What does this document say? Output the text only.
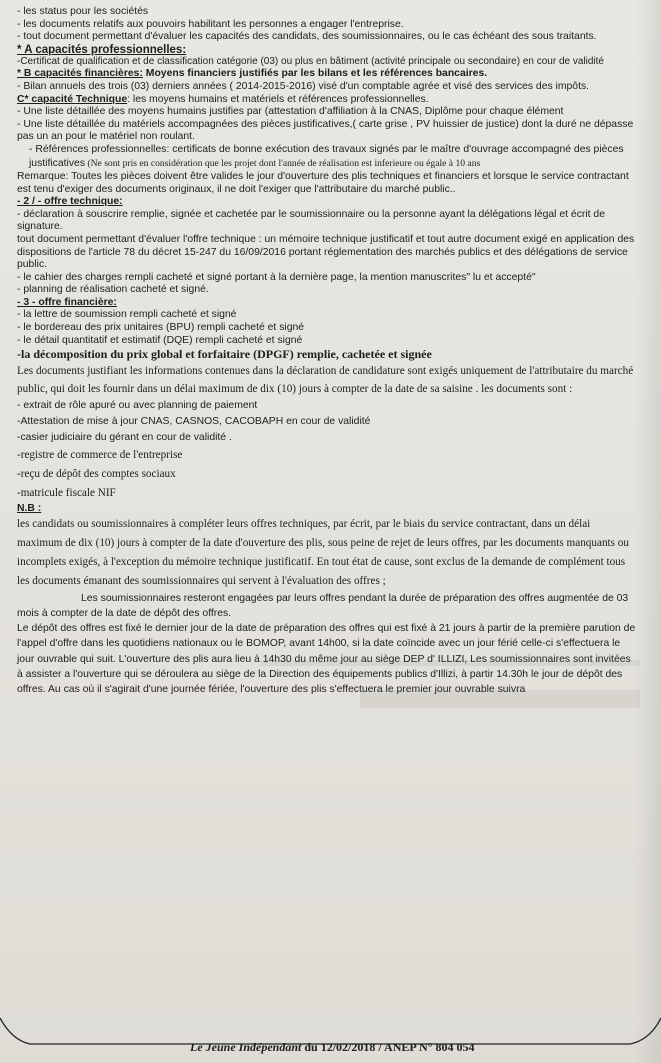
- les status pour les sociétés

- les documents relatifs aux pouvoirs habilitant les personnes a engager l'entreprise.

- tout document permettant d'évaluer les capacités des candidats, des soumissionnaires, ou le cas échéant des sous traitants.

* A capacités professionnelles:

-Certificat de qualification et de classification catégorie (03) ou plus en bâtiment (activité principale ou secondaire) en cour de validité

* B capacités financières: Moyens financiers justifiés par les bilans et les références bancaires.

- Bilan annuels des trois (03) derniers années ( 2014-2015-2016) visé d'un comptable agrée et visé des services des impôts.

C* capacité Technique: les moyens humains et matériels et références professionnelles.

- Une liste détaillée des moyens humains justifies par (attestation d'affiliation à la CNAS, Diplôme pour chaque élément

- Une liste détaillée du matériels accompagnées des pièces justificatives,( carte grise , PV huissier de justice) dont la duré ne dépasse pas un an pour le matériel non roulant.

- Références professionnelles: certificats de bonne exécution des travaux signés par le maître d'ouvrage accompagné des pièces justificatives (Ne sont pris en considération que les projet dont l'année de réalisation est inferieure ou égale à 10 ans

Remarque: Toutes les pièces doivent être valides le jour d'ouverture des plis techniques et financiers et lorsque le service contractant est tenu d'exiger des documents originaux, il ne doit l'exiger que l'attributaire du marché public..

- 2 / - offre technique:

- déclaration à souscrire remplie, signée et cachetée par le soumissionnaire ou la personne ayant la délégations légal et écrit de signature.

tout document permettant d'évaluer l'offre technique : un mémoire technique justificatif et tout autre document exigé en application des dispositions de l'article 78 du décret 15-247 du 16/09/2016 portant réglementation des marchés publics et des délégations de service public.

- le cahier des charges rempli cacheté et signé portant à la dernière page, la mention manuscrites" lu et accepté"

- planning de réalisation cacheté et signé.

- 3 - offre financière:

- la lettre de soumission rempli cacheté et signé

- le bordereau des prix unitaires (BPU) rempli cacheté et signé

- le détail quantitatif et estimatif (DQE) rempli cacheté et signé

-la décomposition du prix global et forfaitaire (DPGF) remplie, cachetée et signée

Les documents justifiant les informations contenues dans la déclaration de candidature sont exigés uniquement de l'attributaire du marché public, qui doit les fournir dans un délai maximum de dix (10) jours à compter de la date de sa saisine . les documents sont :

- extrait de rôle apuré ou avec planning de paiement

-Attestation de mise à jour CNAS, CASNOS, CACOBAPH en cour de validité

-casier judiciaire du gérant en cour de validité .

-registre de commerce de l'entreprise

-reçu de dépôt des comptes sociaux

-matricule fiscale NIF

N.B :

les candidats ou soumissionnaires à compléter leurs offres techniques, par écrit, par le biais du service contractant, dans un délai maximum de dix (10) jours à compter de la date d'ouverture des plis, sous peine de rejet de leurs offres, par les documents manquants ou incomplets exigés, à l'exception du mémoire technique justificatif. En tout état de cause, sont exclus de la demande de complément tous les documents émanant des soumissionnaires qui servent à l'évaluation des offres ;

Les soumissionnaires resteront engagées par leurs offres pendant la durée de préparation des offres augmentée de 03 mois à compter de la date de dépôt des offres.

Le dépôt des offres est fixé le dernier jour de la date de préparation des offres qui est fixé à 21 jours à partir de la première parution de l'appel d'offre dans les quotidiens nationaux ou le BOMOP, avant 14h00, si la date coïncide avec un jour férié celle-ci s'effectuera le jour ouvrable qui suit. L'ouverture des plis aura lieu à 14h30 du même jour au siège DEP d' ILLIZI, Les soumissionnaires sont invitées à assister a l'ouverture qui se déroulera au siège de la Direction des équipements publics d'Illizi, à partir 14.30h le jour de dépôt des offres. Au cas où il s'agirait d'une journée fériée, l'ouverture des plis s'effectuera le premier jour ouvrable suivra

Le Jeune Indépendant du 12/02/2018 / ANEP N° 804 054
